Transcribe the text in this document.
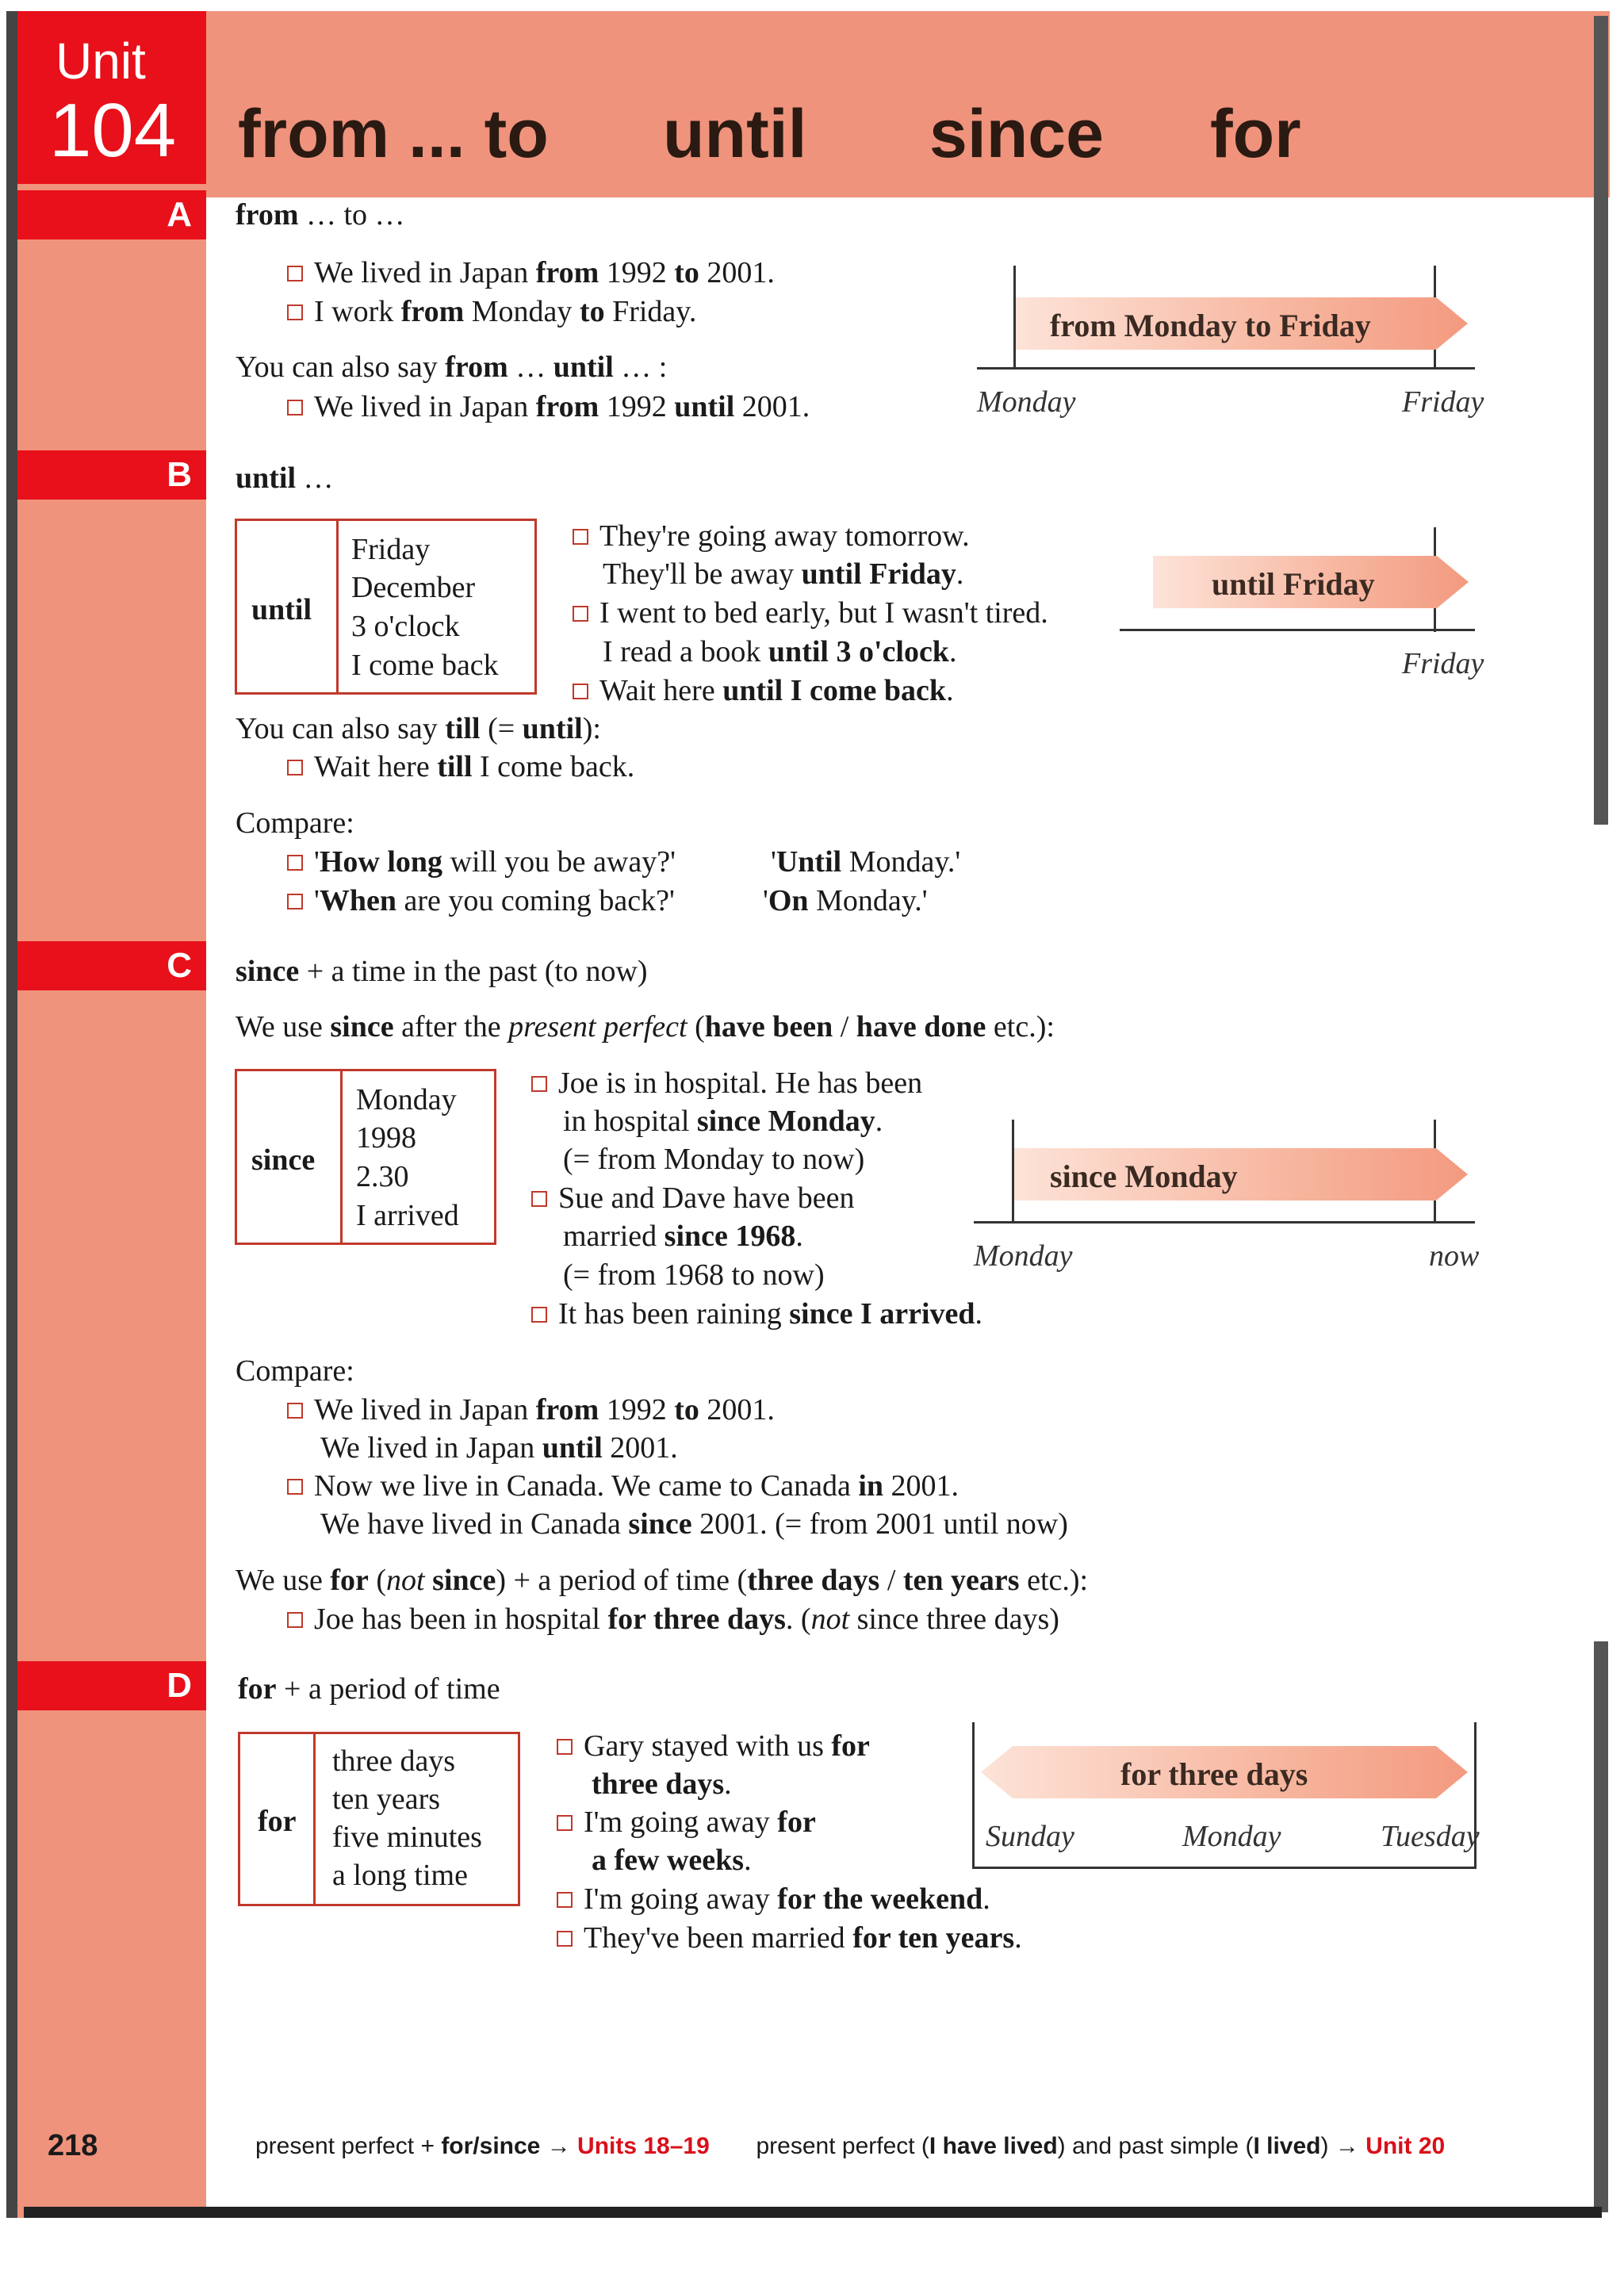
Unit
104 from ... to until since for
A from … to …
We lived in Japan from 1992 to 2001.
I work from Monday to Friday.
You can also say from … until … :
We lived in Japan from 1992 until 2001.
from Monday to Friday
Monday	Friday
B until …
until
Friday
December
3 o'clock
I come back
They're going away tomorrow.
They'll be away until Friday.
I went to bed early, but I wasn't tired.
I read a book until 3 o'clock.
Wait here until I come back.
You can also say till (= until):
Wait here till I come back.
Compare:
'How long will you be away?'	'Until Monday.'
'When are you coming back?'	'On Monday.'
until Friday
Friday
C since + a time in the past (to now)
We use since after the present perfect (have been / have done etc.):
since
Monday
1998
2.30
I arrived
Joe is in hospital. He has been
in hospital since Monday.
(= from Monday to now)
Sue and Dave have been
married since 1968.
(= from 1968 to now)
It has been raining since I arrived.
since Monday
Monday	now
Compare:
We lived in Japan from 1992 to 2001.
We lived in Japan until 2001.
Now we live in Canada. We came to Canada in 2001.
We have lived in Canada since 2001. (= from 2001 until now)
We use for (not since) + a period of time (three days / ten years etc.):
Joe has been in hospital for three days. (not since three days)
D for + a period of time
for
three days
ten years
five minutes
a long time
Gary stayed with us for
three days.
I'm going away for
a few weeks.
I'm going away for the weekend.
They've been married for ten years.
for three days
Sunday	Monday	Tuesday
218	present perfect + for/since → Units 18–19 present perfect (I have lived) and past simple (I lived) → Unit 20
